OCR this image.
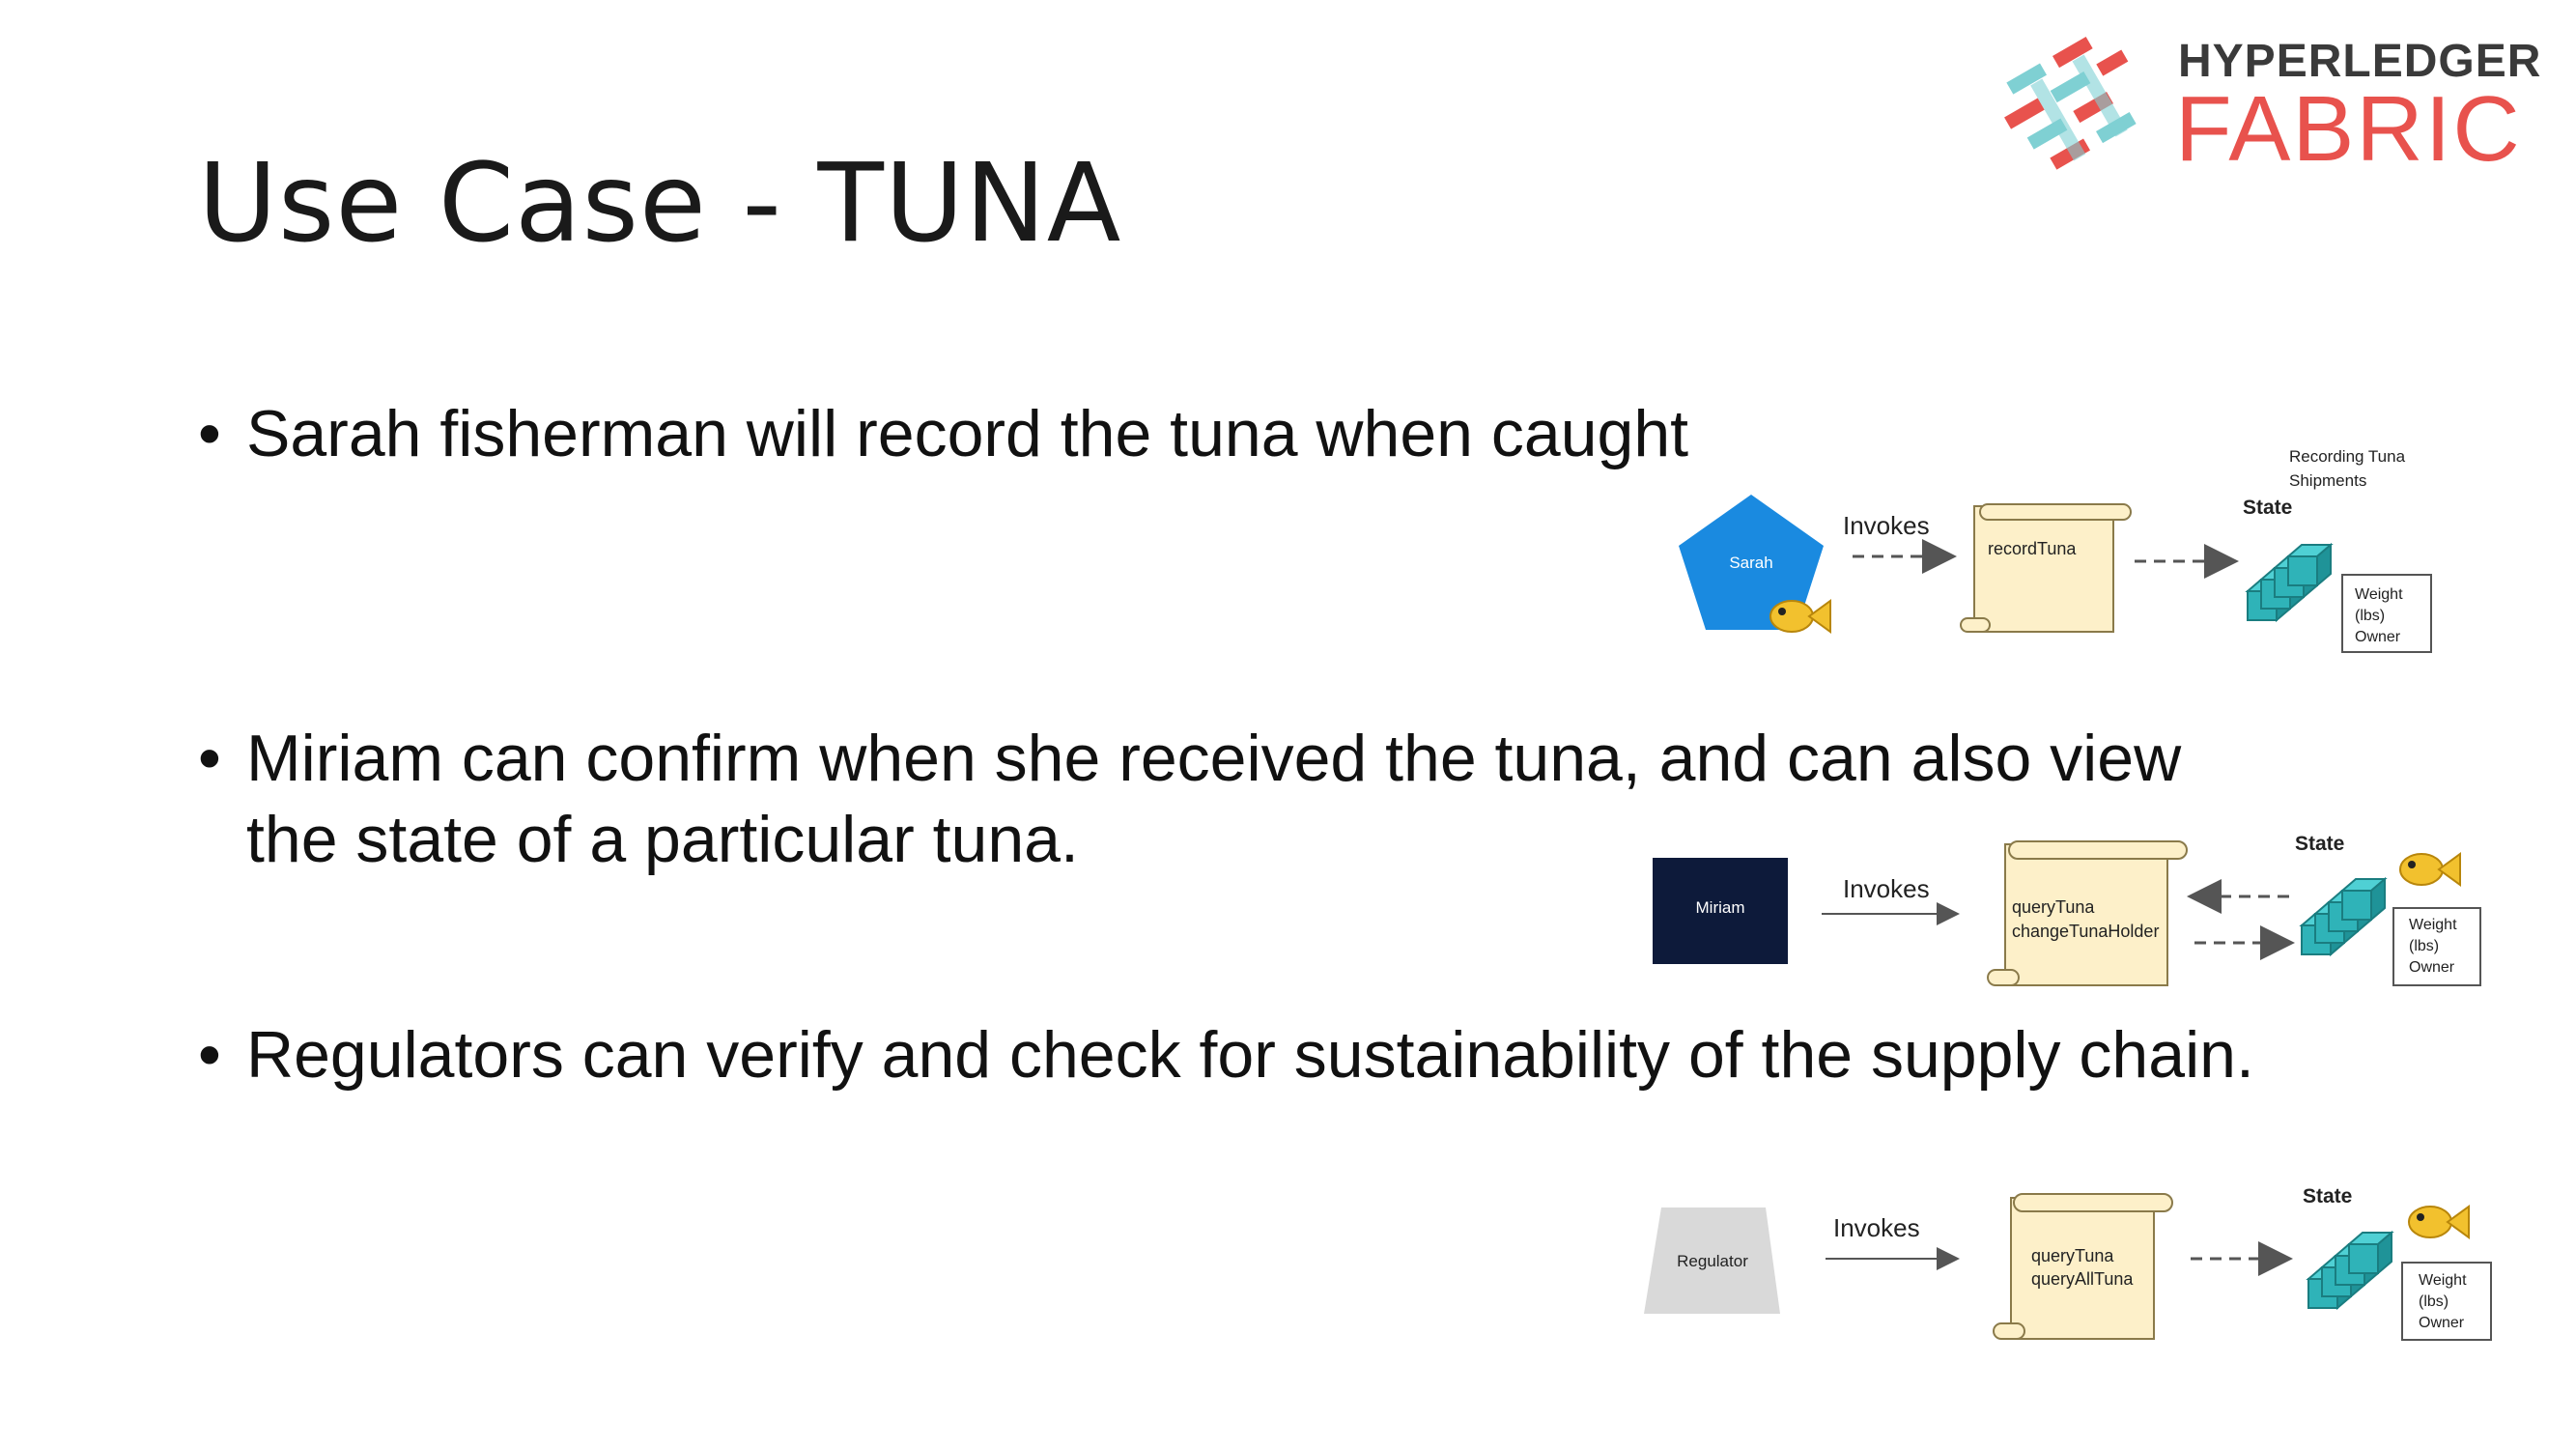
Use Case - TUNA
• Sarah fisherman will record the tuna when caught
• Miriam can confirm when she received the tuna, and can also view
the state of a particular tuna.
• Regulators can verify and check for sustainability of the supply chain.
HYPERLEDGER
FABRIC
Sarah
Invokes
recordTuna
Recording Tuna
Shipments
State
Weight
(lbs)
Owner
Miriam
Invokes
queryTuna
changeTunaHolder
State
Weight
(lbs)
Owner
Regulator
Invokes
queryTuna
queryAllTuna
State
Weight
(lbs)
Owner
